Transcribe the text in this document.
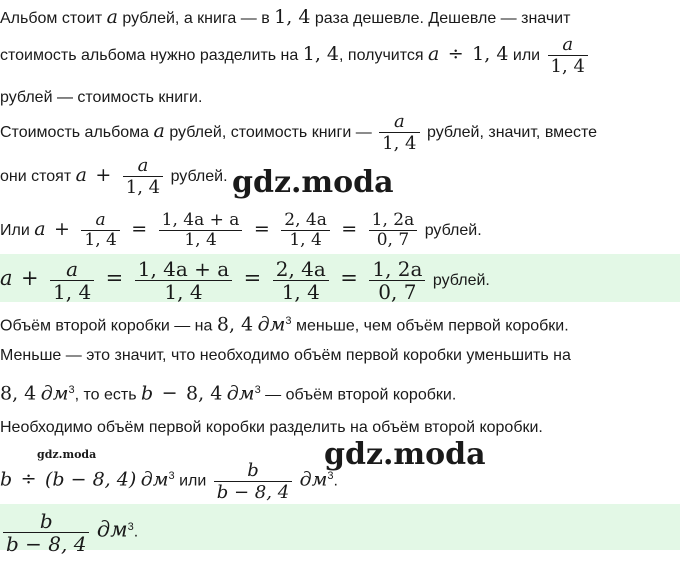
Альбом стоит a рублей, а книга — в 1, 4 раза дешевле. Дешевле — значит
стоимость альбома нужно разделить на 1, 4, получится a ÷ 1, 4 или $\frac{a}{1, 4}$
рублей — стоимость книги.
Стоимость альбома a рублей, стоимость книги — $\frac{a}{1, 4}$ рублей, значит, вместе
они стоят $a + \frac{a}{1, 4}$ рублей. gdz.moda
Или $a + \frac{a}{1, 4} = \frac{1, 4a + a}{1, 4} = \frac{2, 4a}{1, 4} = \frac{1, 2a}{0, 7}$ рублей.
$a + \frac{a}{1, 4} = \frac{1, 4a + a}{1, 4} = \frac{2, 4a}{1, 4} = \frac{1, 2a}{0, 7}$ рублей.
Объём второй коробки — на 8, 4 $дм^3$ меньше, чем объём первой коробки.
Меньше — это значит, что необходимо объём первой коробки уменьшить на
8, 4 $дм^3$, то есть b − 8, 4 $дм^3$ — объём второй коробки.
Необходимо объём первой коробки разделить на объём второй коробки.
gdz.moda
b ÷ (b − 8, 4) $дм^3$ или $\frac{b}{b - 8, 4} дм^3$.
gdz.moda
$\frac{b}{b - 8, 4} дм^3$.
